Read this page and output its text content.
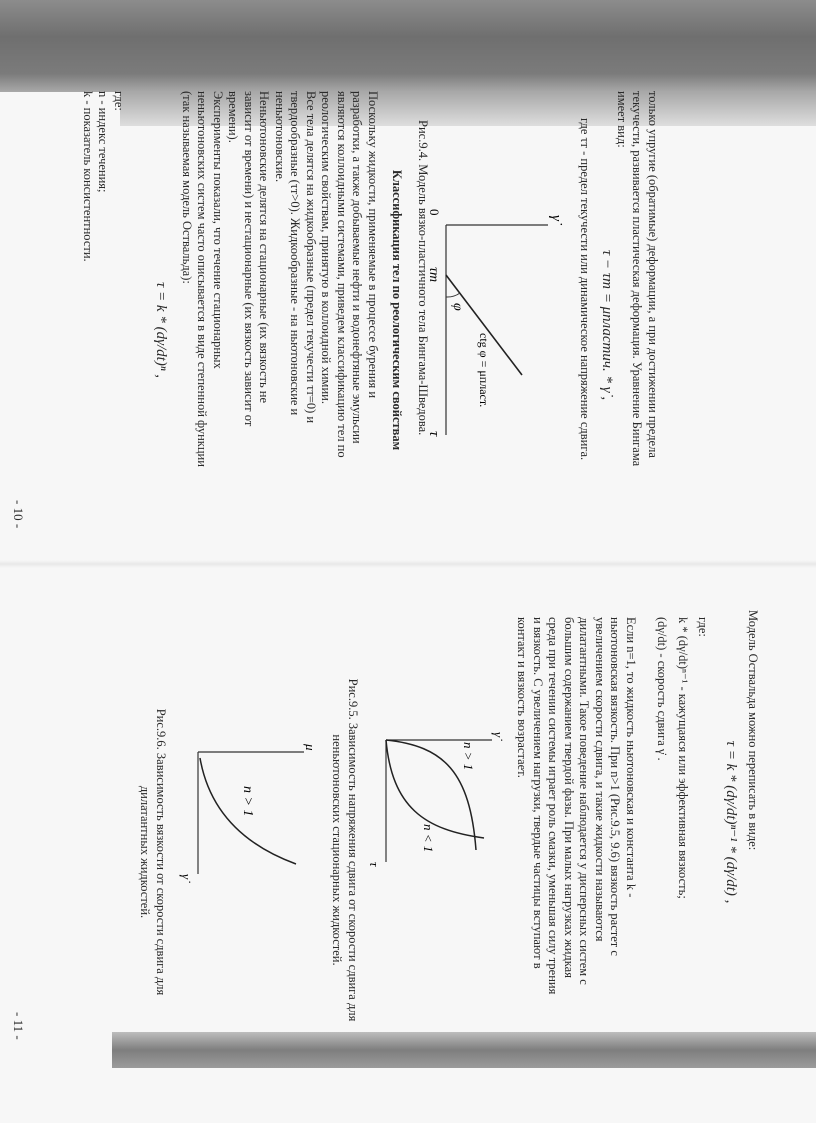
только упругие (обратимые) деформации, а при достижении предела
текучести, развивается пластическая деформация. Уравнение Бингама
имеет вид:
τ − τт = μпластич. * γ̇ ,
где τт - предел текучести или динамическое напряжение сдвига.
γ̇
τ
0
τт
φ
ctg φ = μпласт.
Рис.9.4. Модель вязко-пластичного тела Бингама-Шведова.
Классификация тел по реологическим свойствам
Поскольку жидкости, применяемые в процессе бурения и
разработки, а также добываемые нефти и водонефтяные эмульсии
являются коллоидными системами, приведем классификацию тел по
реологическим свойствам, принятую в коллоидной химии.
Все тела делятся на жидкообразные (предел текучести τт=0) и
твердообразные (τт>0). Жидкообразные - на ньютоновские и
неньютоновские.
Неньютоновские делятся на стационарные (их вязкость не
зависит от времени) и нестационарные (их вязкость зависит от
времени).
Эксперименты показали, что течение стационарных
неньютоновских систем часто описывается в виде степенной функции
(так называемая модель Оствальда):
τ = k * (dγ/dt)ⁿ ,
где:
n - индекс течения;
k - показатель консистентности.
- 10 -
Модель Оствальда можно переписать в виде:
τ = k * (dγ/dt)ⁿ⁻¹ * (dγ/dt) ,
где:
k * (dγ/dt)ⁿ⁻¹ - кажущаяся или эффективная вязкость;
(dγ/dt) - скорость сдвига γ̇ .
Если n=1, то жидкость ньютоновская и константа k -
ньютоновская вязкость. При n>1 (Рис.9.5, 9.6) вязкость растет с
увеличением скорости сдвига, и такие жидкости называются
дилатантными. Такое поведение наблюдается у дисперсных систем с
большим содержанием твердой фазы. При малых нагрузках жидкая
среда при течении системы играет роль смазки, уменьшая силу трения
и вязкость. С увеличением нагрузки, твердые частицы вступают в
контакт и вязкость возрастает.
γ̇
τ
n > 1
n < 1
Рис.9.5. Зависимость напряжения сдвига от скорости сдвига для
неньютоновских стационарных жидкостей.
μ
γ̇
n > 1
Рис.9.6. Зависимость вязкости от скорости сдвига для
дилатантных жидкостей.
- 11 -
